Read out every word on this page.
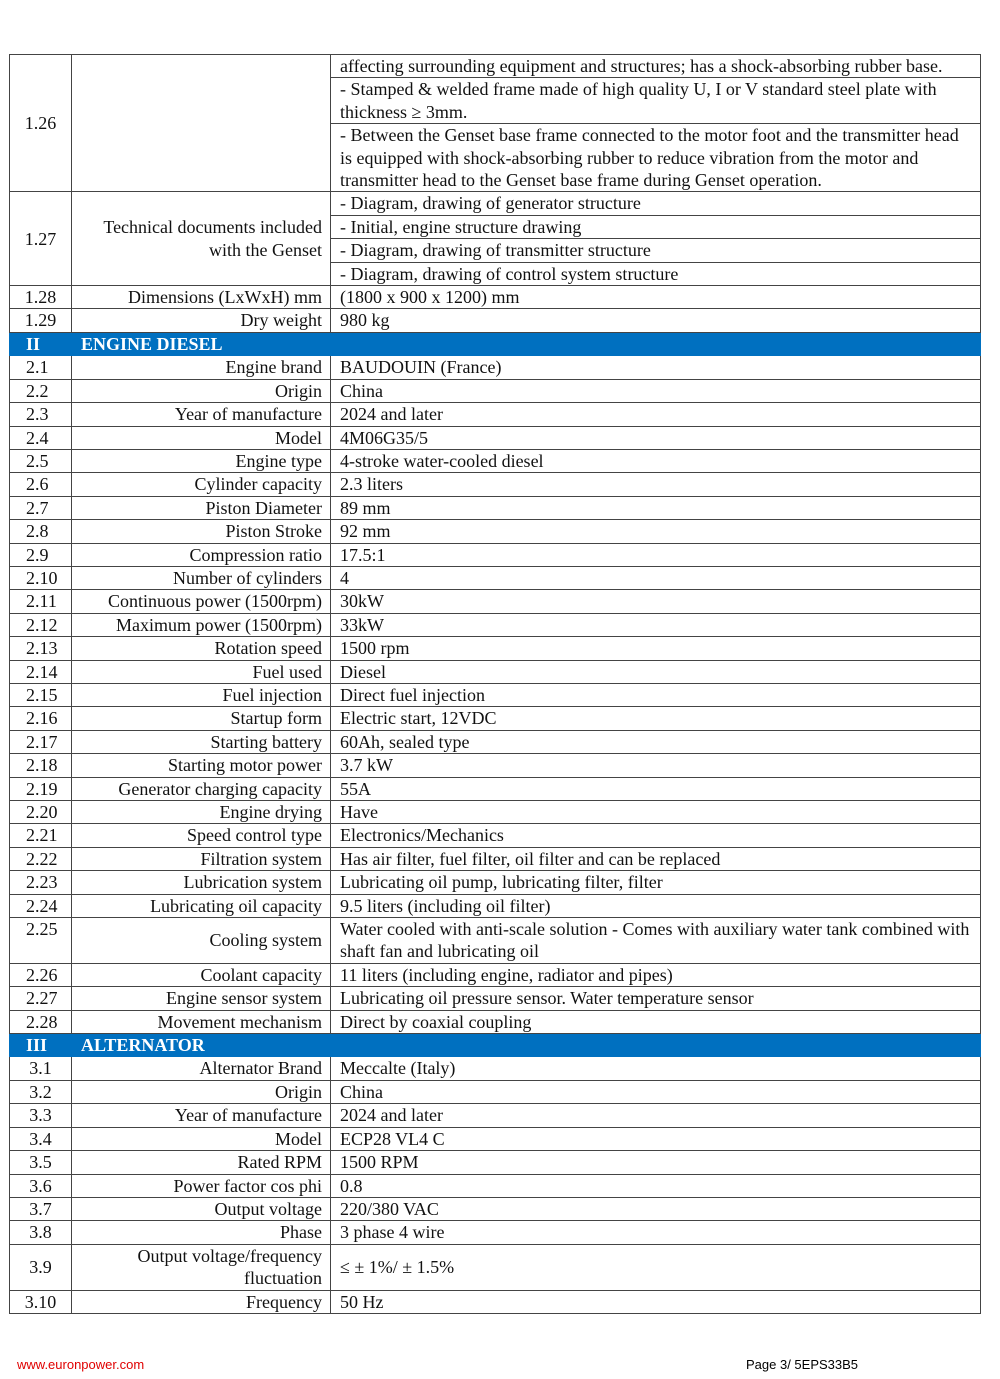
1.26		affecting surrounding equipment and structures; has a shock-absorbing rubber base.
		- Stamped & welded frame made of high quality U, I or V standard steel plate with thickness ≥ 3mm.
		- Between the Genset base frame connected to the motor foot and the transmitter head is equipped with shock-absorbing rubber to reduce vibration from the motor and transmitter head to the Genset base frame during Genset operation.
1.27	Technical documents included with the Genset	- Diagram, drawing of generator structure
		- Initial, engine structure drawing
		- Diagram, drawing of transmitter structure
		- Diagram, drawing of control system structure
1.28	Dimensions (LxWxH) mm	(1800 x 900 x 1200) mm
1.29	Dry weight	980 kg
II	ENGINE DIESEL	
2.1	Engine brand	BAUDOUIN (France)
2.2	Origin	China
2.3	Year of manufacture	2024 and later
2.4	Model	4M06G35/5
2.5	Engine type	4-stroke water-cooled diesel
2.6	Cylinder capacity	2.3 liters
2.7	Piston Diameter	89 mm
2.8	Piston Stroke	92 mm
2.9	Compression ratio	17.5:1
2.10	Number of cylinders	4
2.11	Continuous power (1500rpm)	30kW
2.12	Maximum power (1500rpm)	33kW
2.13	Rotation speed	1500 rpm
2.14	Fuel used	Diesel
2.15	Fuel injection	Direct fuel injection
2.16	Startup form	Electric start, 12VDC
2.17	Starting battery	60Ah, sealed type
2.18	Starting motor power	3.7 kW
2.19	Generator charging capacity	55A
2.20	Engine drying	Have
2.21	Speed control type	Electronics/Mechanics
2.22	Filtration system	Has air filter, fuel filter, oil filter and can be replaced
2.23	Lubrication system	Lubricating oil pump, lubricating filter, filter
2.24	Lubricating oil capacity	9.5 liters (including oil filter)
2.25	Cooling system	Water cooled with anti-scale solution - Comes with auxiliary water tank combined with shaft fan and lubricating oil
2.26	Coolant capacity	11 liters (including engine, radiator and pipes)
2.27	Engine sensor system	Lubricating oil pressure sensor. Water temperature sensor
2.28	Movement mechanism	Direct by coaxial coupling
III	ALTERNATOR	
3.1	Alternator Brand	Meccalte (Italy)
3.2	Origin	China
3.3	Year of manufacture	2024 and later
3.4	Model	ECP28 VL4 C
3.5	Rated RPM	1500 RPM
3.6	Power factor cos phi	0.8
3.7	Output voltage	220/380 VAC
3.8	Phase	3 phase 4 wire
3.9	Output voltage/frequency fluctuation	≤ ± 1%/ ± 1.5%
3.10	Frequency	50 Hz
www.euronpower.com	Page 3/ 5EPS33B5
